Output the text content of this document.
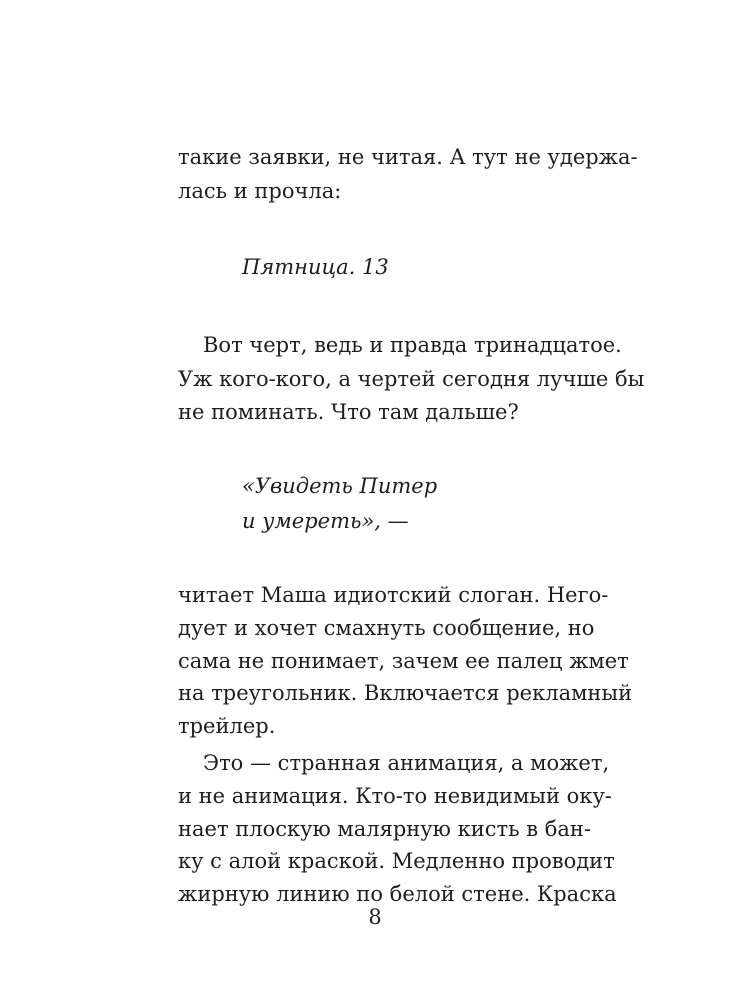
такие заявки, не читая. А тут не удержа-
лась и прочла:
Пятница. 13
Вот черт, ведь и правда тринадцатое.
Уж кого-кого, а чертей сегодня лучше бы
не поминать. Что там дальше?
«Увидеть Питер
и умереть», —
читает Маша идиотский слоган. Него-
дует и хочет смахнуть сообщение, но
сама не понимает, зачем ее палец жмет
на треугольник. Включается рекламный
трейлер.
Это — странная анимация, а может,
и не анимация. Кто-то невидимый оку-
нает плоскую малярную кисть в бан-
ку с алой краской. Медленно проводит
жирную линию по белой стене. Краска
8
